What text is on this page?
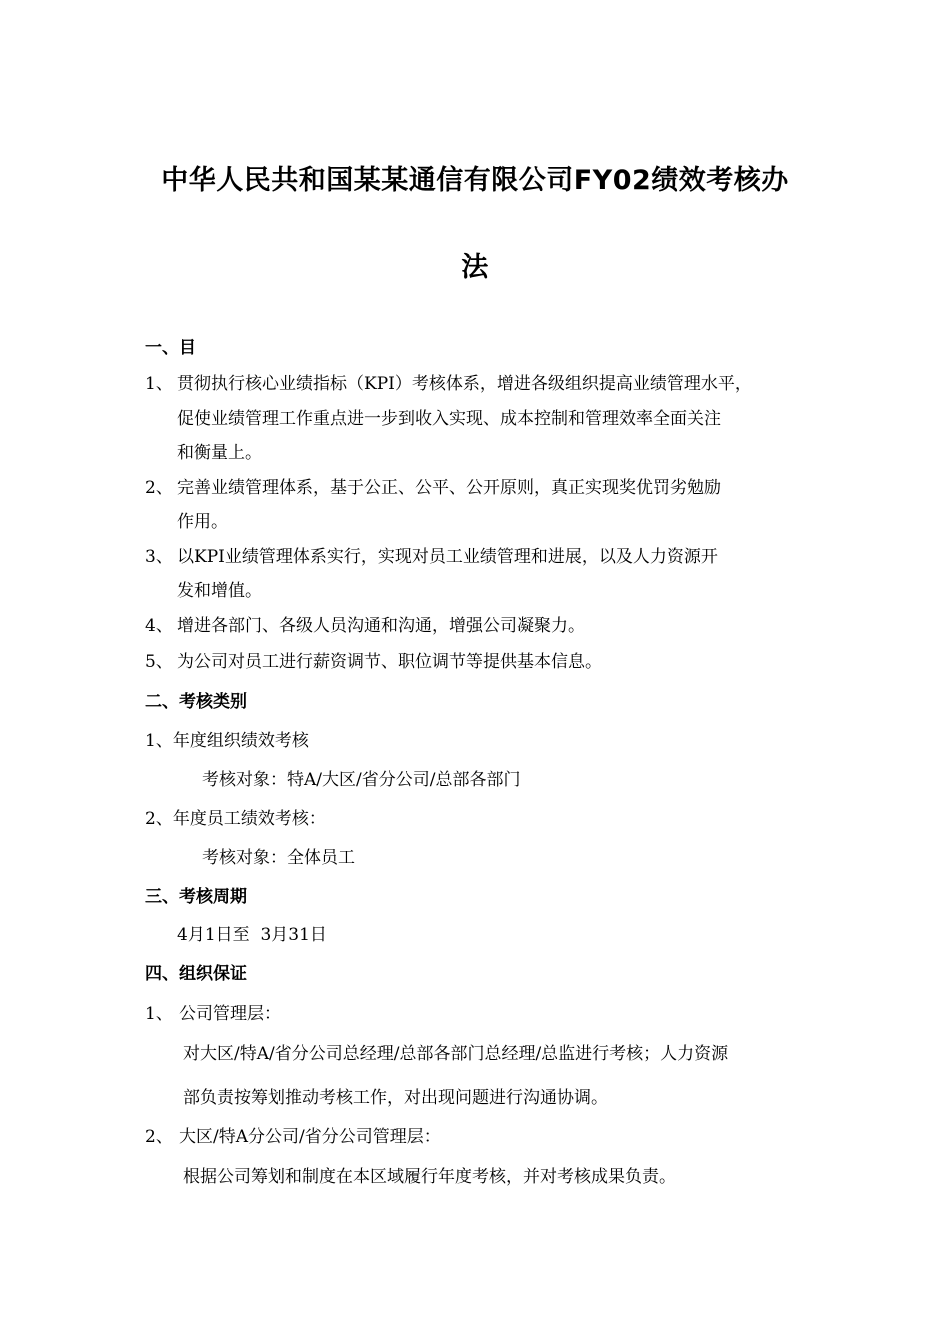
中华人民共和国某某通信有限公司FY02绩效考核办
法
一、目
1、 贯彻执行核心业绩指标（KPI）考核体系，增进各级组织提高业绩管理水平，
促使业绩管理工作重点进一步到收入实现、成本控制和管理效率全面关注
和衡量上。
2、 完善业绩管理体系，基于公正、公平、公开原则，真正实现奖优罚劣勉励
作用。
3、 以KPI业绩管理体系实行，实现对员工业绩管理和进展，以及人力资源开
发和增值。
4、 增进各部门、各级人员沟通和沟通，增强公司凝聚力。
5、 为公司对员工进行薪资调节、职位调节等提供基本信息。
二、考核类别
1、年度组织绩效考核
考核对象：特A/大区/省分公司/总部各部门
2、年度员工绩效考核：
考核对象：全体员工
三、考核周期
4月1日至  3月31日
四、组织保证
1、 公司管理层：
对大区/特A/省分公司总经理/总部各部门总经理/总监进行考核；人力资源
部负责按筹划推动考核工作，对出现问题进行沟通协调。
2、 大区/特A分公司/省分公司管理层：
根据公司筹划和制度在本区域履行年度考核，并对考核成果负责。
